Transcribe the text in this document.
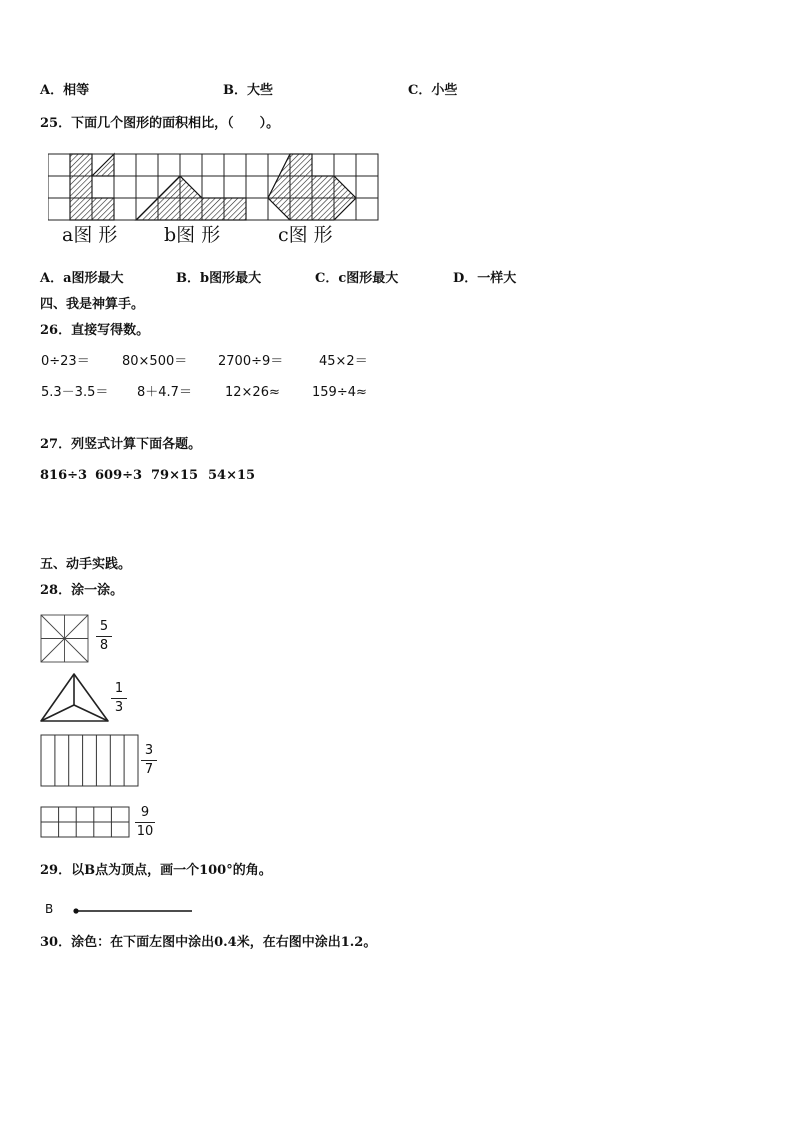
A．相等	B．大些	C．小些
25．下面几个图形的面积相比，（　　）。
a图 形 b图 形	c图 形
A．a图形最大	B．b图形最大	C．c图形最大	D．一样大
四、我是神算手。
26．直接写得数。
0÷23＝ 80×500＝ 2700÷9＝	45×2＝
5.3－3.5＝ 8＋4.7＝	12×26≈ 159÷4≈
27．列竖式计算下面各题。
816÷3 609÷3 79×15 54×15
五、动手实践。
28．涂一涂。
5
8
1
3
3
7
9
10
29．以B点为顶点，画一个100°的角。
B
30．涂色：在下面左图中涂出0.4米，在右图中涂出1.2。
